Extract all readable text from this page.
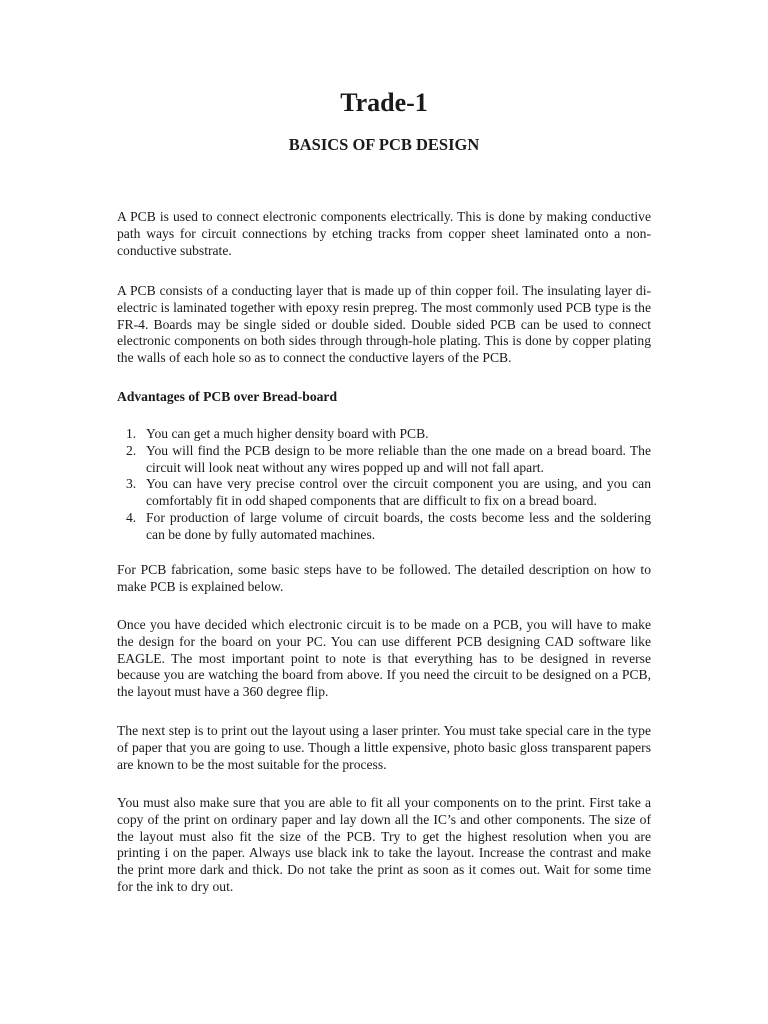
Trade-1
BASICS OF PCB DESIGN

A PCB is used to connect electronic components electrically. This is done by making conductive path ways for circuit connections by etching tracks from copper sheet laminated onto a non-conductive substrate.

A PCB consists of a conducting layer that is made up of thin copper foil. The insulating layer di-electric is laminated together with epoxy resin prepreg. The most commonly used PCB type is the FR-4. Boards may be single sided or double sided. Double sided PCB can be used to connect electronic components on both sides through through-hole plating. This is done by copper plating the walls of each hole so as to connect the conductive layers of the PCB.

Advantages of PCB over Bread-board
1. You can get a much higher density board with PCB.
2. You will find the PCB design to be more reliable than the one made on a bread board. The circuit will look neat without any wires popped up and will not fall apart.
3. You can have very precise control over the circuit component you are using, and you can comfortably fit in odd shaped components that are difficult to fix on a bread board.
4. For production of large volume of circuit boards, the costs become less and the soldering can be done by fully automated machines.

For PCB fabrication, some basic steps have to be followed. The detailed description on how to make PCB is explained below.

Once you have decided which electronic circuit is to be made on a PCB, you will have to make the design for the board on your PC. You can use different PCB designing CAD software like EAGLE. The most important point to note is that everything has to be designed in reverse because you are watching the board from above. If you need the circuit to be designed on a PCB, the layout must have a 360 degree flip.

The next step is to print out the layout using a laser printer. You must take special care in the type of paper that you are going to use. Though a little expensive, photo basic gloss transparent papers are known to be the most suitable for the process.

You must also make sure that you are able to fit all your components on to the print. First take a copy of the print on ordinary paper and lay down all the IC’s and other components. The size of the layout must also fit the size of the PCB. Try to get the highest resolution when you are printing i on the paper. Always use black ink to take the layout. Increase the contrast and make the print more dark and thick. Do not take the print as soon as it comes out. Wait for some time for the ink to dry out.
